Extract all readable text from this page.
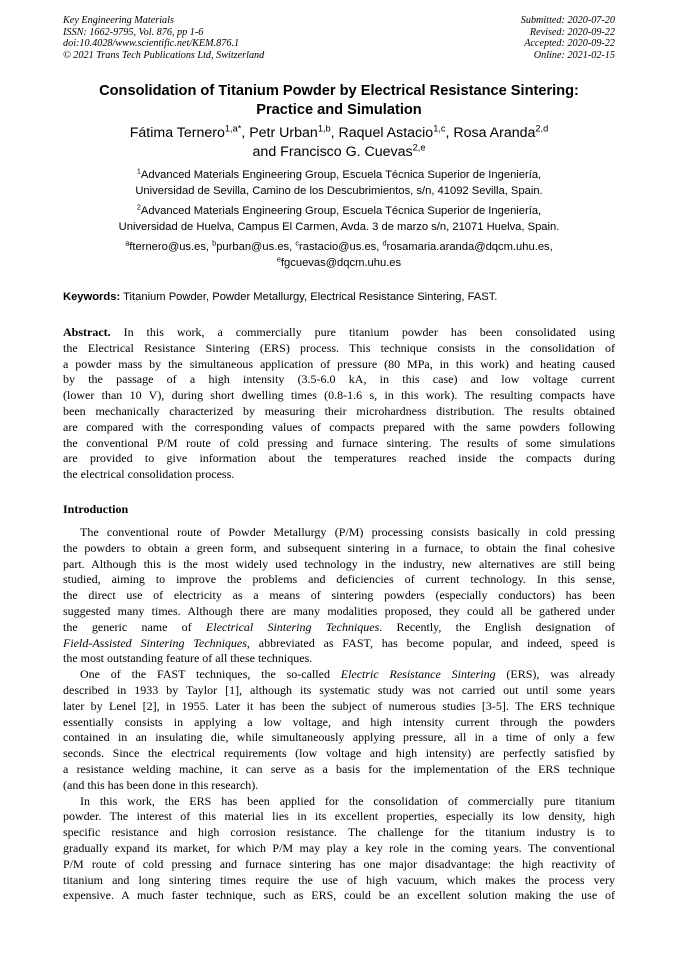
Key Engineering Materials
ISSN: 1662-9795, Vol. 876, pp 1-6
doi:10.4028/www.scientific.net/KEM.876.1
© 2021 Trans Tech Publications Ltd, Switzerland
Submitted: 2020-07-20
Revised: 2020-09-22
Accepted: 2020-09-22
Online: 2021-02-15
Consolidation of Titanium Powder by Electrical Resistance Sintering:
Practice and Simulation
Fátima Ternero$^{1,a*}$, Petr Urban$^{1,b}$, Raquel Astacio$^{1,c}$, Rosa Aranda$^{2,d}$
and Francisco G. Cuevas$^{2,e}$
$^1$Advanced Materials Engineering Group, Escuela Técnica Superior de Ingeniería,
Universidad de Sevilla, Camino de los Descubrimientos, s/n, 41092 Sevilla, Spain.
$^2$Advanced Materials Engineering Group, Escuela Técnica Superior de Ingeniería,
Universidad de Huelva, Campus El Carmen, Avda. 3 de marzo s/n, 21071 Huelva, Spain.
$^a$fternero@us.es, $^b$purban@us.es, $^c$rastacio@us.es, $^d$rosamaria.aranda@dqcm.uhu.es,
$^e$fgcuevas@dqcm.uhu.es
Keywords: Titanium Powder, Powder Metallurgy, Electrical Resistance Sintering, FAST.
Abstract. In this work, a commercially pure titanium powder has been consolidated using
the Electrical Resistance Sintering (ERS) process. This technique consists in the consolidation of
a powder mass by the simultaneous application of pressure (80 MPa, in this work) and heating caused
by the passage of a high intensity (3.5-6.0 kA, in this case) and low voltage current
(lower than 10 V), during short dwelling times (0.8-1.6 s, in this work). The resulting compacts have
been mechanically characterized by measuring their microhardness distribution. The results obtained
are compared with the corresponding values of compacts prepared with the same powders following
the conventional P/M route of cold pressing and furnace sintering. The results of some simulations
are provided to give information about the temperatures reached inside the compacts during
the electrical consolidation process.
Introduction
The conventional route of Powder Metallurgy (P/M) processing consists basically in cold pressing
the powders to obtain a green form, and subsequent sintering in a furnace, to obtain the final cohesive
part. Although this is the most widely used technology in the industry, new alternatives are still being
studied, aiming to improve the problems and deficiencies of current technology. In this sense,
the direct use of electricity as a means of sintering powders (especially conductors) has been
suggested many times. Although there are many modalities proposed, they could all be gathered under
the generic name of Electrical Sintering Techniques. Recently, the English designation of
Field-Assisted Sintering Techniques, abbreviated as FAST, has become popular, and indeed, speed is
the most outstanding feature of all these techniques.
One of the FAST techniques, the so-called Electric Resistance Sintering (ERS), was already
described in 1933 by Taylor [1], although its systematic study was not carried out until some years
later by Lenel [2], in 1955. Later it has been the subject of numerous studies [3-5]. The ERS technique
essentially consists in applying a low voltage, and high intensity current through the powders
contained in an insulating die, while simultaneously applying pressure, all in a time of only a few
seconds. Since the electrical requirements (low voltage and high intensity) are perfectly satisfied by
a resistance welding machine, it can serve as a basis for the implementation of the ERS technique
(and this has been done in this research).
In this work, the ERS has been applied for the consolidation of commercially pure titanium
powder. The interest of this material lies in its excellent properties, especially its low density, high
specific resistance and high corrosion resistance. The challenge for the titanium industry is to
gradually expand its market, for which P/M may play a key role in the coming years. The conventional
P/M route of cold pressing and furnace sintering has one major disadvantage: the high reactivity of
titanium and long sintering times require the use of high vacuum, which makes the process very
expensive. A much faster technique, such as ERS, could be an excellent solution making the use of
